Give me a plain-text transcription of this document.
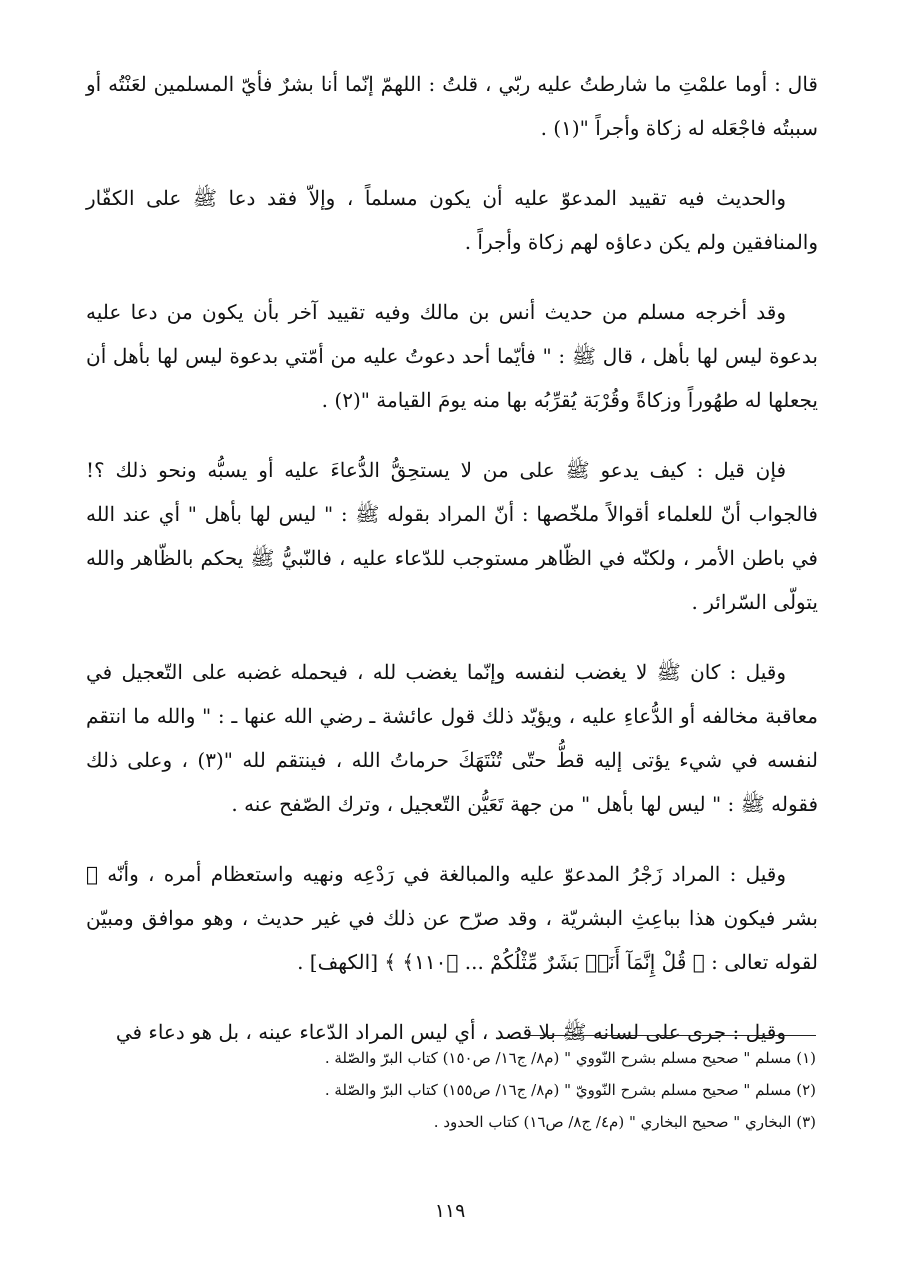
قال : أوما علمْتِ ما شارطتُ عليه ربّي ، قلتُ : اللهمّ إنّما أنا بشرٌ فأيّ المسلمين لعَنْتُه أو سببتُه فاجْعَله له زكاة وأجراً "(١) .

والحديث فيه تقييد المدعوّ عليه أن يكون مسلماً ، وإلاّ فقد دعا ﷺ على الكفّار والمنافقين ولم يكن دعاؤه لهم زكاة وأجراً .

وقد أخرجه مسلم من حديث أنس بن مالك وفيه تقييد آخر بأن يكون من دعا عليه بدعوة ليس لها بأهل ، قال ﷺ : " فأيّما أحد دعوتُ عليه من أمّتي بدعوة ليس لها بأهل أن يجعلها له طهُوراً وزكاةً وقُرْبَة يُقرِّبُه بها منه يومَ القيامة "(٢) .

فإن قيل : كيف يدعو ﷺ على من لا يستحِقُّ الدُّعاءَ عليه أو يسبُّه ونحو ذلك ؟! فالجواب أنّ للعلماء أقوالاً ملخّصها : أنّ المراد بقوله ﷺ : " ليس لها بأهل " أي عند الله في باطن الأمر ، ولكنّه في الظّاهر مستوجب للدّعاء عليه ، فالنّبيُّ ﷺ يحكم بالظّاهر والله يتولّى السّرائر .

وقيل : كان ﷺ لا يغضب لنفسه وإنّما يغضب لله ، فيحمله غضبه على التّعجيل في معاقبة مخالفه أو الدُّعاءِ عليه ، ويؤيّد ذلك قول عائشة ـ رضي الله عنها ـ : " والله ما انتقم لنفسه في شيء يؤتى إليه قطُّ حتّى تُنْتَهَكَ حرماتُ الله ، فينتقم لله "(٣) ، وعلى ذلك فقوله ﷺ : " ليس لها بأهل " من جهة تَعَيُّن التّعجيل ، وترك الصّفح عنه .

وقيل : المراد زَجْرُ المدعوّ عليه والمبالغة في رَدْعِه ونهيه واستعظام أمره ، وأنّه ﷺ بشر فيكون هذا بباعِثِ البشريّة ، وقد صرّح عن ذلك في غير حديث ، وهو موافق ومبيّن لقوله تعالى : ﴿ قُلْ إِنَّمَآ أَنَا۠ بَشَرٌ مِّثْلُكُمْ ... ﴿١١٠﴾ ﴾ [الكهف] .

وقيل : جرى على لسانه ﷺ بلا قصد ، أي ليس المراد الدّعاء عينه ، بل هو دعاء في

(١) مسلم " صحيح مسلم بشرح النّووي " (م٨/ ج١٦/ ص١٥٠) كتاب البرّ والصّلة .

(٢) مسلم " صحيح مسلم بشرح النّوويّ " (م٨/ ج١٦/ ص١٥٥) كتاب البرّ والصّلة .

(٣) البخاري " صحيح البخاري " (م٤/ ج٨/ ص١٦) كتاب الحدود .

١١٩
